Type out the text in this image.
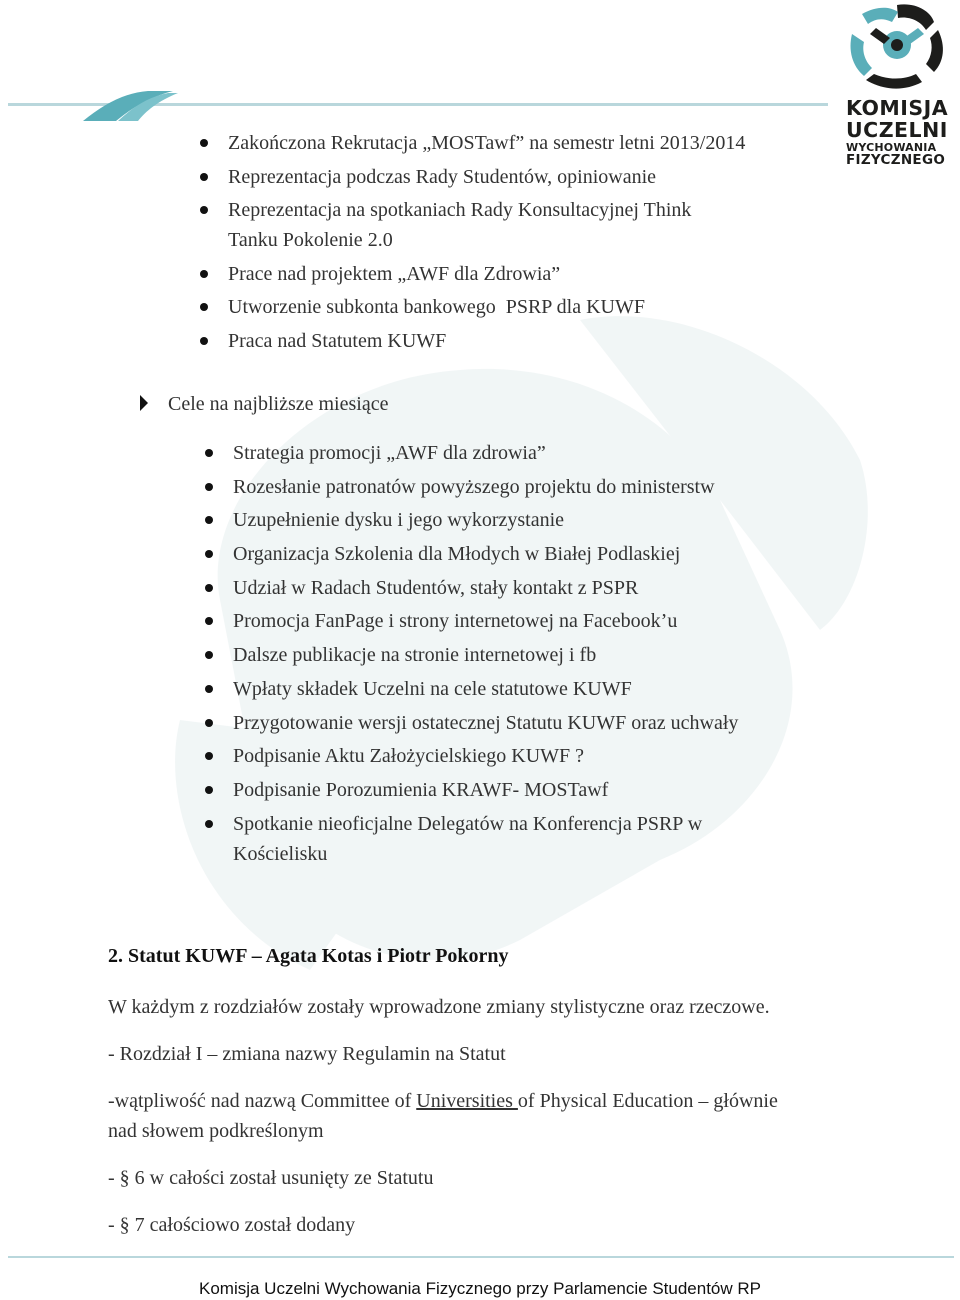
KOMISJA
UCZELNI
WYCHOWANIA
FIZYCZNEGO
Zakończona Rekrutacja „MOSTawf” na semestr letni 2013/2014
Reprezentacja podczas Rady Studentów, opiniowanie
Reprezentacja na spotkaniach Rady Konsultacyjnej Think Tanku Pokolenie 2.0
Prace nad projektem „AWF dla Zdrowia”
Utworzenie subkonta bankowego  PSRP dla KUWF
Praca nad Statutem KUWF
Cele na najbliższe miesiące
Strategia promocji „AWF dla zdrowia”
Rozesłanie patronatów powyższego projektu do ministerstw
Uzupełnienie dysku i jego wykorzystanie
Organizacja Szkolenia dla Młodych w Białej Podlaskiej
Udział w Radach Studentów, stały kontakt z PSPR
Promocja FanPage i strony internetowej na Facebook’u
Dalsze publikacje na stronie internetowej i fb
Wpłaty składek Uczelni na cele statutowe KUWF
Przygotowanie wersji ostatecznej Statutu KUWF oraz uchwały
Podpisanie Aktu Założycielskiego KUWF ?
Podpisanie Porozumienia KRAWF- MOSTawf
Spotkanie nieoficjalne Delegatów na Konferencja PSRP w Kościelisku
2. Statut KUWF – Agata Kotas i Piotr Pokorny
W każdym z rozdziałów zostały wprowadzone zmiany stylistyczne oraz rzeczowe.
- Rozdział I – zmiana nazwy Regulamin na Statut
-wątpliwość nad nazwą Committee of Universities of Physical Education – głównie nad słowem podkreślonym
- § 6 w całości został usunięty ze Statutu
- § 7 całościowo został dodany
Komisja Uczelni Wychowania Fizycznego przy Parlamencie Studentów RP
